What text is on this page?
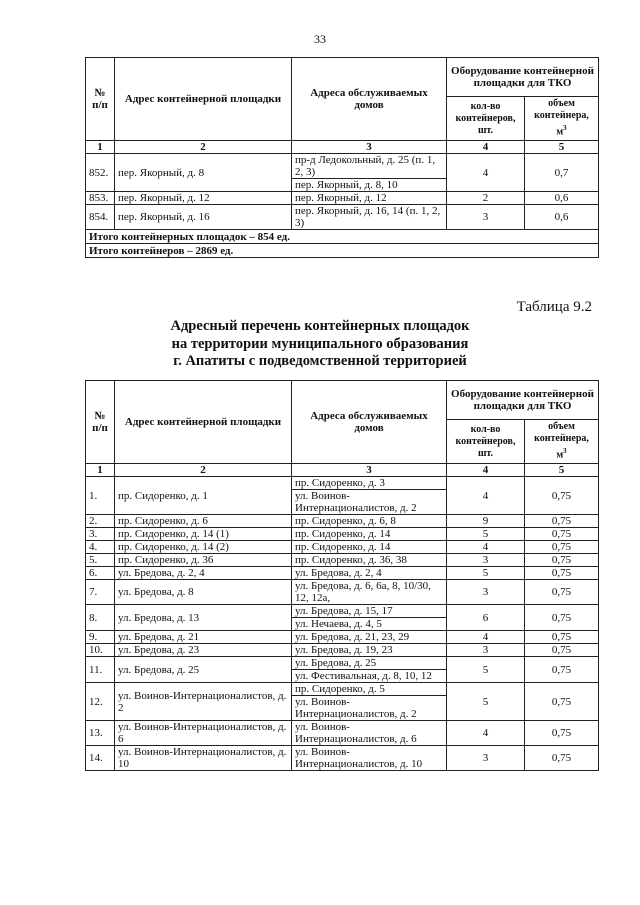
33
№ п/п	Адрес контейнерной площадки	Адреса обслуживаемых домов	Оборудование контейнерной площадки для ТКО	
			кол-во контейнеров, шт.	объем контейнера, $м^3$
1	2	3	4	5
852.	пер. Якорный, д. 8	пр-д Ледокольный, д. 25 (п. 1, 2, 3)	4	0,7
		пер. Якорный, д. 8, 10		
853.	пер. Якорный, д. 12	пер. Якорный, д. 12	2	0,6
854.	пер. Якорный, д. 16	пер. Якорный, д. 16, 14 (п. 1, 2, 3)	3	0,6
Итого контейнерных площадок – 854 ед.				
Итого контейнеров – 2869 ед.				
Таблица 9.2
Адресный перечень контейнерных площадок
на территории муниципального образования
г. Апатиты с подведомственной территорией
№ п/п	Адрес контейнерной площадки	Адреса обслуживаемых домов	Оборудование контейнерной площадки для ТКО	
			кол-во контейнеров, шт.	объем контейнера, $м^3$
1	2	3	4	5
1.	пр. Сидоренко, д. 1	пр. Сидоренко, д. 3	4	0,75
		ул. Воинов-Интернационалистов, д. 2		
2.	пр. Сидоренко, д. 6	пр. Сидоренко, д. 6, 8	9	0,75
3.	пр. Сидоренко, д. 14 (1)	пр. Сидоренко, д. 14	5	0,75
4.	пр. Сидоренко, д. 14 (2)	пр. Сидоренко, д. 14	4	0,75
5.	пр. Сидоренко, д. 36	пр. Сидоренко, д. 36, 38	3	0,75
6.	ул. Бредова, д. 2, 4	ул. Бредова, д. 2, 4	5	0,75
7.	ул. Бредова, д. 8	ул. Бредова, д. 6, 6а, 8, 10/30, 12, 12а,	3	0,75
8.	ул. Бредова, д. 13	ул. Бредова, д. 15, 17	6	0,75
		ул. Нечаева, д. 4, 5		
9.	ул. Бредова, д. 21	ул. Бредова, д. 21, 23, 29	4	0,75
10.	ул. Бредова, д. 23	ул. Бредова, д. 19, 23	3	0,75
11.	ул. Бредова, д. 25	ул. Бредова, д. 25	5	0,75
		ул. Фестивальная, д. 8, 10, 12		
12.	ул. Воинов-Интернационалистов, д. 2	пр. Сидоренко, д. 5	5	0,75
		ул. Воинов-Интернационалистов, д. 2		
13.	ул. Воинов-Интернационалистов, д. 6	ул. Воинов-Интернационалистов, д. 6	4	0,75
14.	ул. Воинов-Интернационалистов, д. 10	ул. Воинов-Интернационалистов, д. 10	3	0,75
